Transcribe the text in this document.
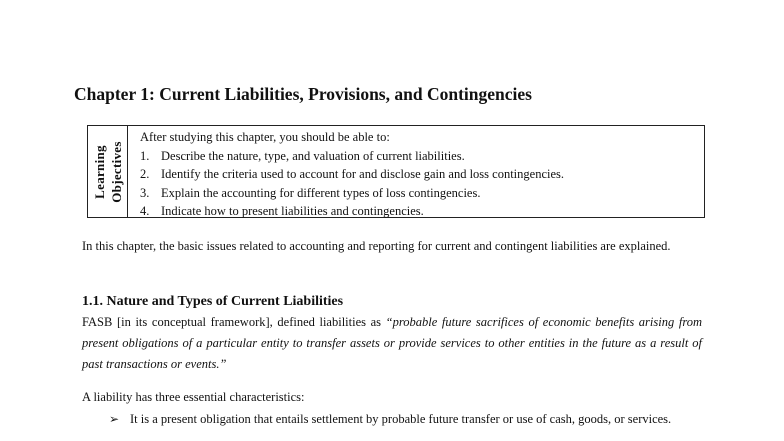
Chapter 1: Current Liabilities, Provisions, and Contingencies
Learning Objectives
After studying this chapter, you should be able to:
1. Describe the nature, type, and valuation of current liabilities.
2. Identify the criteria used to account for and disclose gain and loss contingencies.
3. Explain the accounting for different types of loss contingencies.
4. Indicate how to present liabilities and contingencies.
In this chapter, the basic issues related to accounting and reporting for current and contingent liabilities are explained.
1.1. Nature and Types of Current Liabilities
FASB [in its conceptual framework], defined liabilities as “probable future sacrifices of economic benefits arising from present obligations of a particular entity to transfer assets or provide services to other entities in the future as a result of past transactions or events.”
A liability has three essential characteristics:
➢ It is a present obligation that entails settlement by probable future transfer or use of cash, goods, or services.
